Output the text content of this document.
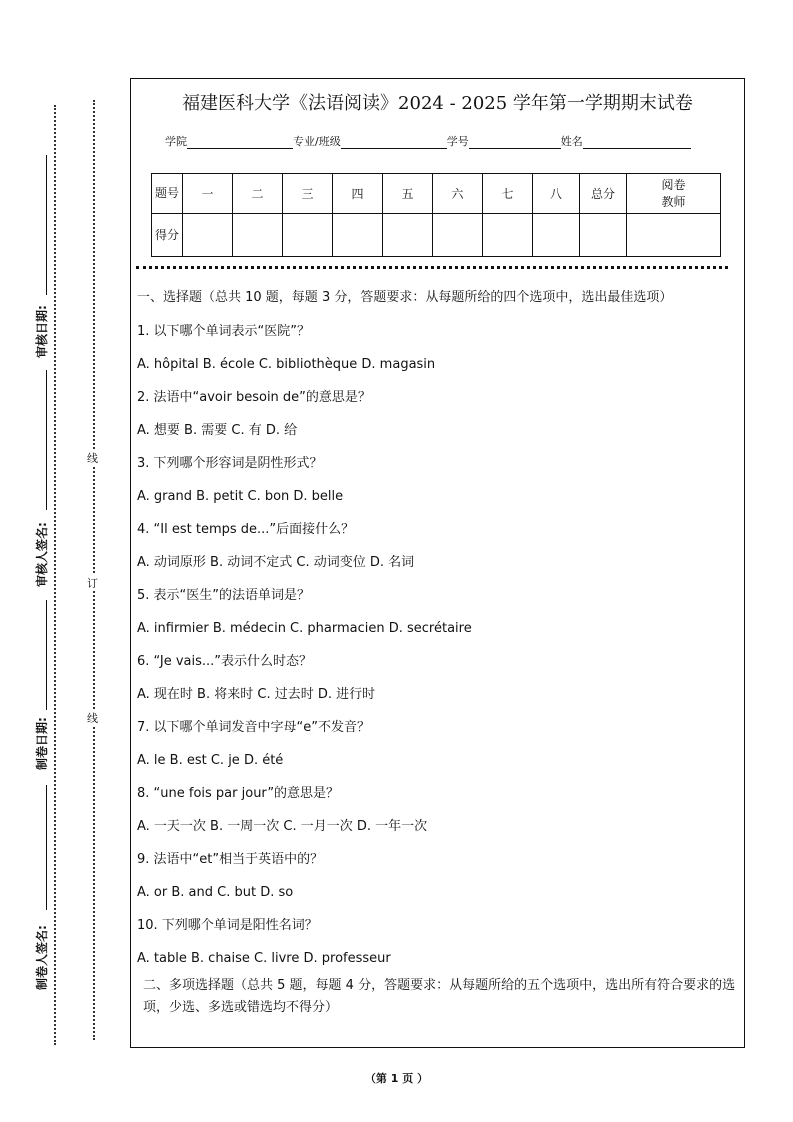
审核日期:
审核人签名:
制卷日期:
制卷人签名:
线
订
线
福建医科大学《法语阅读》2024 - 2025 学年第一学期期末试卷
学院	专业/班级	学号	姓名
题号	一	二	三	四	五	六	七	八	总分	阅卷
教师
得分										
一、选择题（总共 10 题，每题 3 分，答题要求：从每题所给的四个选项中，选出最佳选项）
1. 以下哪个单词表示“医院”？
A. hôpital B. école C. bibliothèque D. magasin
2. 法语中“avoir besoin de”的意思是？
A. 想要 B. 需要 C. 有 D. 给
3. 下列哪个形容词是阴性形式？
A. grand B. petit C. bon D. belle
4. “Il est temps de...”后面接什么？
A. 动词原形 B. 动词不定式 C. 动词变位 D. 名词
5. 表示“医生”的法语单词是？
A. infirmier B. médecin C. pharmacien D. secrétaire
6. “Je vais...”表示什么时态？
A. 现在时 B. 将来时 C. 过去时 D. 进行时
7. 以下哪个单词发音中字母“e”不发音？
A. le B. est C. je D. été
8. “une fois par jour”的意思是？
A. 一天一次 B. 一周一次 C. 一月一次 D. 一年一次
9. 法语中“et”相当于英语中的？
A. or B. and C. but D. so
10. 下列哪个单词是阳性名词？
A. table B. chaise C. livre D. professeur
二、多项选择题（总共 5 题，每题 4 分，答题要求：从每题所给的五个选项中，选出所有符合要求的选项，少选、多选或错选均不得分）
（第 1 页 ）
